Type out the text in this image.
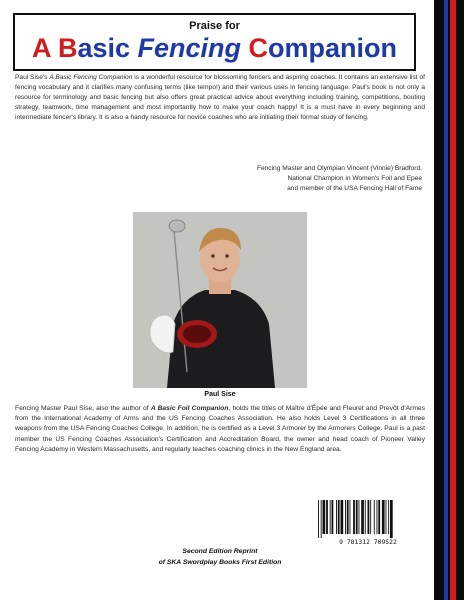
Praise for
A Basic Fencing Companion
Paul Sise's A Basic Fencing Companion is a wonderful resource for blossoming fencers and aspiring coaches. It contains an extensive list of fencing vocabulary and it clarifies many confusing terms (like tempo!) and their various uses in fencing language. Paul's book is not only a resource for terminology and basic fencing but also offers great practical advice about everything including training, competitions, bouting strategy, teamwork, time management and most importantly how to make your coach happy! It is a must have in every beginning and intermediate fencer's library. It is also a handy resource for novice coaches who are initiating their formal study of fencing.
Fencing Master and Olympian Vincent (Vinnie) Bradford,
National Champion in Women's Foil and Epee
and member of the USA Fencing Hall of Fame
Paul Sise
Fencing Master Paul Sise, also the author of A Basic Foil Companion, holds the titles of Maître d'Épée and Fleuret and Prevôt d'Armes from the International Academy of Arms and the US Fencing Coaches Association. He also holds Level 3 Certifications in all three weapons from the USA Fencing Coaches College. In addition, he is certified as a Level 3 Armorer by the Armorers College. Paul is a past member the US Fencing Coaches Association's Certification and Accreditation Board, the owner and head coach of Pioneer Valley Fencing Academy in Western Massachusetts, and regularly teaches coaching clinics in the New England area.
9 781312 709522
Second Edition Reprint
of SKA Swordplay Books First Edition
